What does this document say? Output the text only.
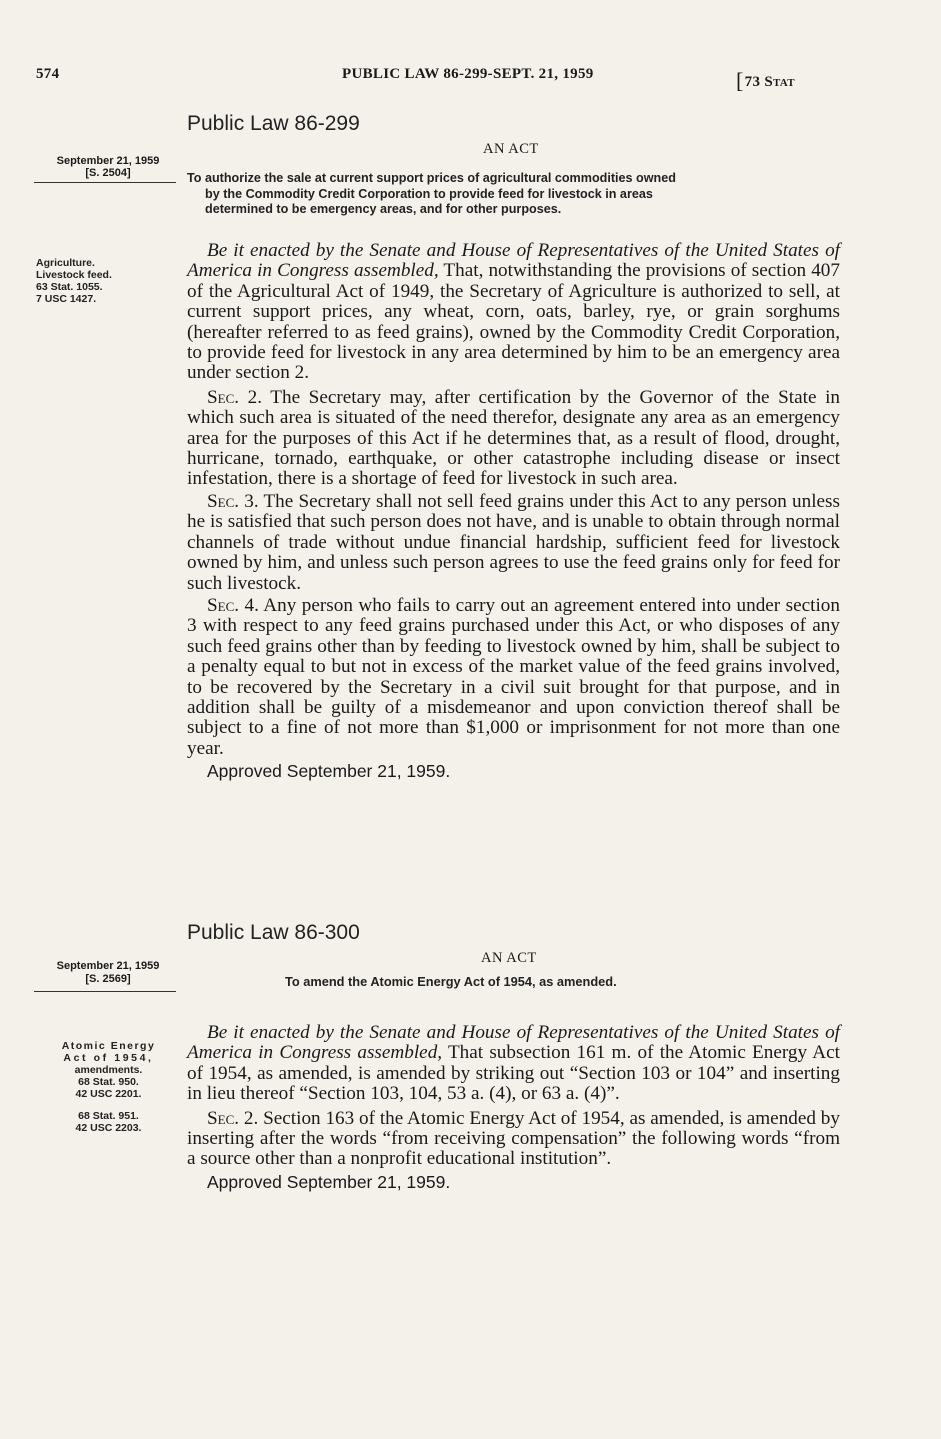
574	PUBLIC LAW 86-299-SEPT. 21, 1959	[73 Stat
Public Law 86-299
AN ACT
September 21, 1959
[S. 2504]	To authorize the sale at current support prices of agricultural commodities owned
by the Commodity Credit Corporation to provide feed for livestock in areas
determined to be emergency areas, and for other purposes.
Agriculture.
Livestock feed.
63 Stat. 1055.
7 USC 1427.

Be it enacted by the Senate and House of Representatives of the United States of America in Congress assembled, That, notwithstanding the provisions of section 407 of the Agricultural Act of 1949, the Secretary of Agriculture is authorized to sell, at current support prices, any wheat, corn, oats, barley, rye, or grain sorghums (hereafter referred to as feed grains), owned by the Commodity Credit Corporation, to provide feed for livestock in any area determined by him to be an emergency area under section 2.

Sec. 2. The Secretary may, after certification by the Governor of the State in which such area is situated of the need therefor, designate any area as an emergency area for the purposes of this Act if he determines that, as a result of flood, drought, hurricane, tornado, earthquake, or other catastrophe including disease or insect infestation, there is a shortage of feed for livestock in such area.

Sec. 3. The Secretary shall not sell feed grains under this Act to any person unless he is satisfied that such person does not have, and is unable to obtain through normal channels of trade without undue financial hardship, sufficient feed for livestock owned by him, and unless such person agrees to use the feed grains only for feed for such livestock.

Sec. 4. Any person who fails to carry out an agreement entered into under section 3 with respect to any feed grains purchased under this Act, or who disposes of any such feed grains other than by feeding to livestock owned by him, shall be subject to a penalty equal to but not in excess of the market value of the feed grains involved, to be recovered by the Secretary in a civil suit brought for that purpose, and in addition shall be guilty of a misdemeanor and upon conviction thereof shall be subject to a fine of not more than $1,000 or imprisonment for not more than one year.

Approved September 21, 1959.

Public Law 86-300
AN ACT
September 21, 1959
[S. 2569]	To amend the Atomic Energy Act of 1954, as amended.
Atomic Energy
Act of 1954,
amendments.
68 Stat. 950.
42 USC 2201.
68 Stat. 951.
42 USC 2203.

Be it enacted by the Senate and House of Representatives of the United States of America in Congress assembled, That subsection 161 m. of the Atomic Energy Act of 1954, as amended, is amended by striking out “Section 103 or 104” and inserting in lieu thereof “Section 103, 104, 53 a. (4), or 63 a. (4)”.

Sec. 2. Section 163 of the Atomic Energy Act of 1954, as amended, is amended by inserting after the words “from receiving compensation” the following words “from a source other than a nonprofit educational institution”.

Approved September 21, 1959.
